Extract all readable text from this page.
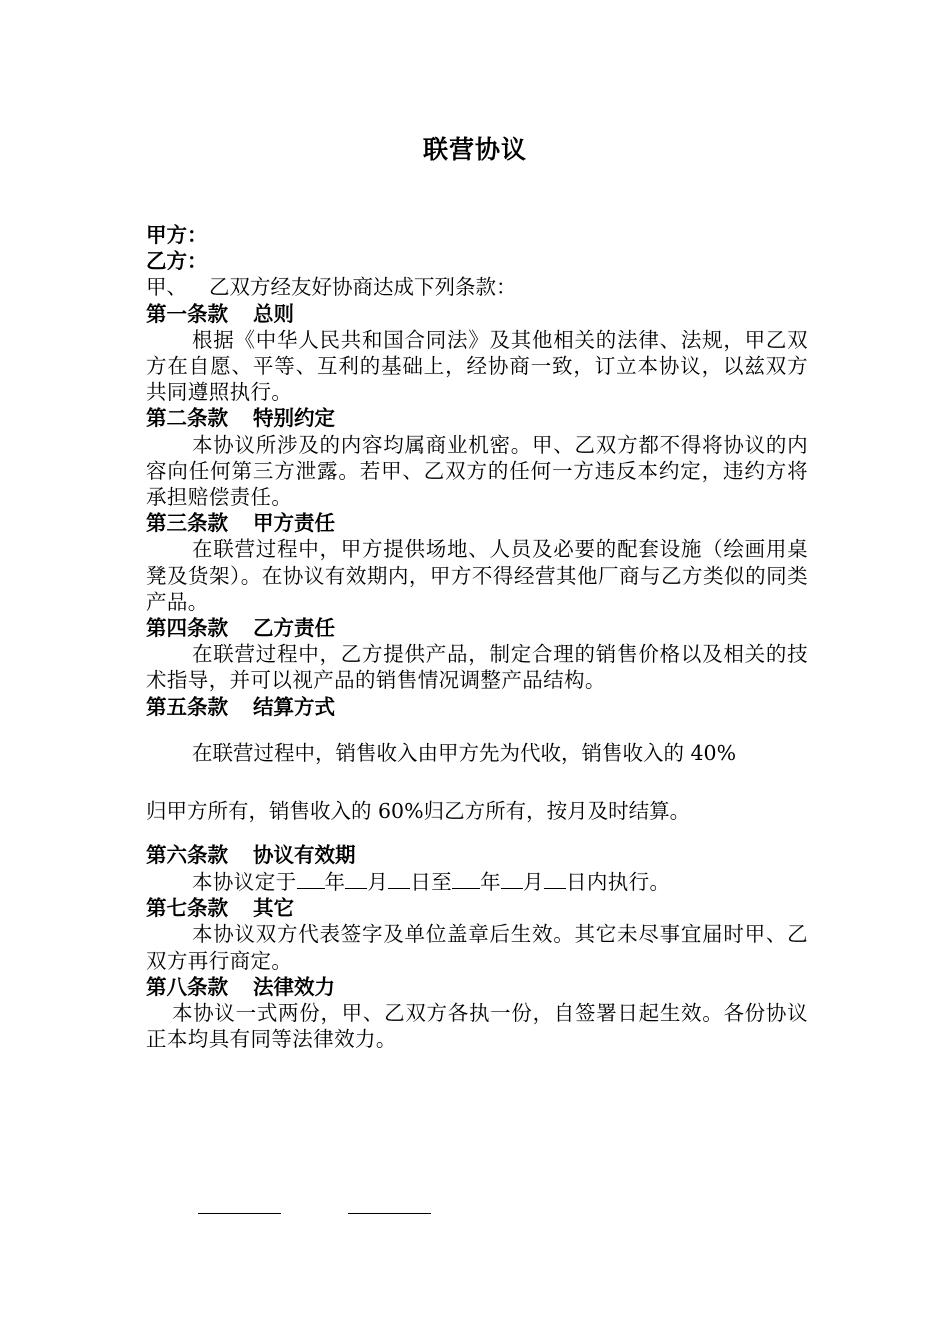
联营协议
甲方：
乙方：
甲、 乙双方经友好协商达成下列条款：
第一条款 总则
根据《中华人民共和国合同法》及其他相关的法律、法规，甲乙双方在自愿、平等、互利的基础上，经协商一致，订立本协议，以兹双方共同遵照执行。
第二条款 特别约定
本协议所涉及的内容均属商业机密。甲、乙双方都不得将协议的内容向任何第三方泄露。若甲、乙双方的任何一方违反本约定，违约方将承担赔偿责任。
第三条款 甲方责任
在联营过程中，甲方提供场地、人员及必要的配套设施（绘画用桌凳及货架）。在协议有效期内，甲方不得经营其他厂商与乙方类似的同类产品。
第四条款 乙方责任
在联营过程中，乙方提供产品，制定合理的销售价格以及相关的技术指导，并可以视产品的销售情况调整产品结构。
第五条款 结算方式
在联营过程中，销售收入由甲方先为代收，销售收入的 40%
归甲方所有，销售收入的 60%归乙方所有，按月及时结算。
第六条款 协议有效期
本协议定于 年 月 日至 年 月 日内执行。
第七条款 其它
本协议双方代表签字及单位盖章后生效。其它未尽事宜届时甲、乙双方再行商定。
第八条款 法律效力
本协议一式两份，甲、乙双方各执一份，自签署日起生效。各份协议正本均具有同等法律效力。
